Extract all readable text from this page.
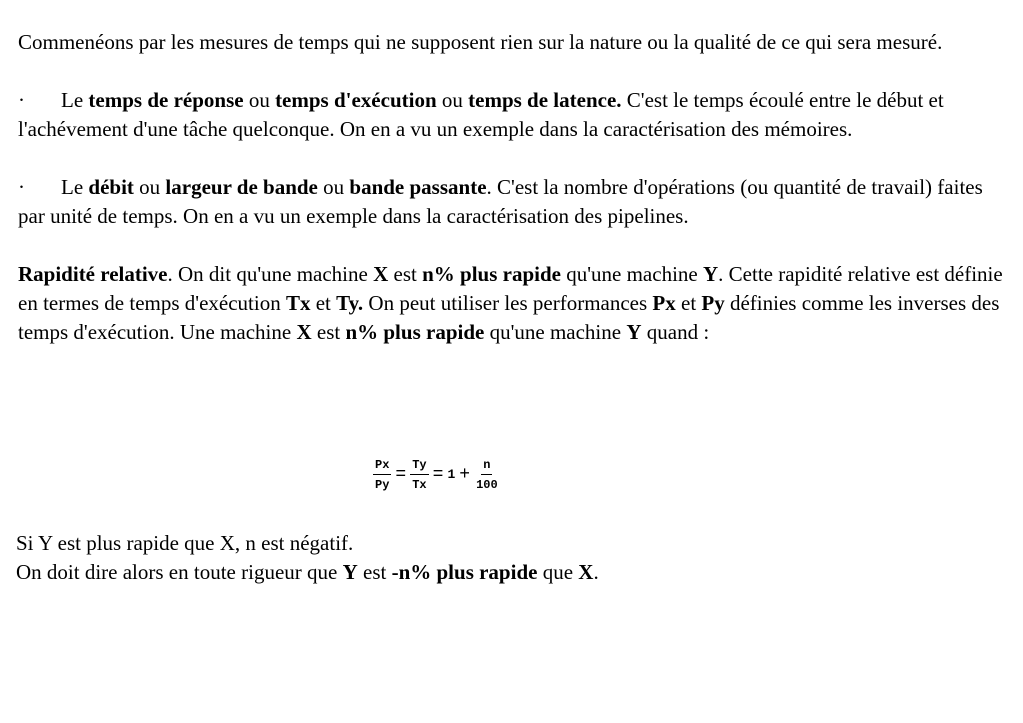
Commenéons par les mesures de temps qui ne supposent rien sur la nature ou la qualité de ce qui sera mesuré.

· Le temps de réponse ou temps d'exécution ou temps de latence. C'est le temps écoulé entre le début et l'achévement d'une tâche quelconque. On en a vu un exemple dans la caractérisation des mémoires.

· Le débit ou largeur de bande ou bande passante. C'est la nombre d'opérations (ou quantité de travail) faites par unité de temps. On en a vu un exemple dans la caractérisation des pipelines.

Rapidité relative. On dit qu'une machine X est n% plus rapide qu'une machine Y. Cette rapidité relative est définie en termes de temps d'exécution Tx et Ty. On peut utiliser les performances Px et Py définies comme les inverses des temps d'exécution. Une machine X est n% plus rapide qu'une machine Y quand :

$\frac{Px}{Py} = \frac{Ty}{Tx} = 1 + \frac{n}{100}$

Si Y est plus rapide que X, n est négatif.

On doit dire alors en toute rigueur que Y est -n% plus rapide que X.
